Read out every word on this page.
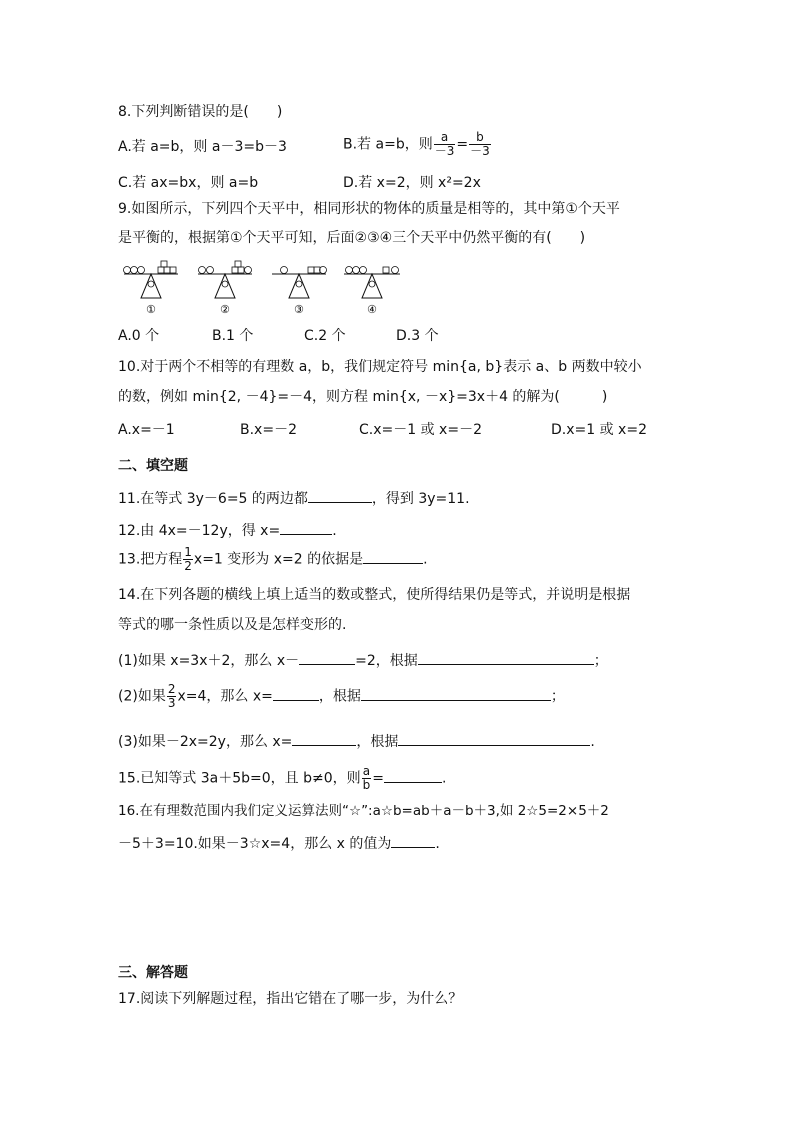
8.下列判断错误的是(　　)
A.若 a=b，则 a－3=b－3	B.若 a=b，则 $\frac{a}{-3} = \frac{b}{-3}$
C.若 ax=bx，则 a=b	D.若 x=2，则 x²=2x
9.如图所示，下列四个天平中，相同形状的物体的质量是相等的，其中第①个天平
是平衡的，根据第①个天平可知，后面②③④三个天平中仍然平衡的有(　　)
①	②	③	④
A.0 个	B.1 个	C.2 个	D.3 个
10.对于两个不相等的有理数 a，b，我们规定符号 min{a, b}表示 a、b 两数中较小
的数，例如 min{2, －4}=－4，则方程 min{x, －x}=3x＋4 的解为(　　　)
A.x=－1	B.x=－2	C.x=－1 或 x=－2	D.x=1 或 x=2
二、填空题
11.在等式 3y－6=5 的两边都	，得到 3y=11.
12.由 4x=－12y，得 x=	.
13.把方程 $\frac{1}{2} x=1$ 变形为 x=2 的依据是	.
14.在下列各题的横线上填上适当的数或整式，使所得结果仍是等式，并说明是根据
等式的哪一条性质以及是怎样变形的.
(1)如果 x=3x＋2，那么 x－	=2，根据	；
(2)如果 $\frac{2}{3} x=4$，那么 x=	，根据	；
(3)如果－2x=2y，那么 x=	，根据	.
15.已知等式 3a＋5b=0，且 b≠0，则 $\frac{a}{b}$ =	.
16.在有理数范围内我们定义运算法则“☆”:a☆b=ab＋a－b＋3,如 2☆5=2×5＋2
－5＋3=10.如果－3☆x=4，那么 x 的值为	.
三、解答题
17.阅读下列解题过程，指出它错在了哪一步，为什么？
